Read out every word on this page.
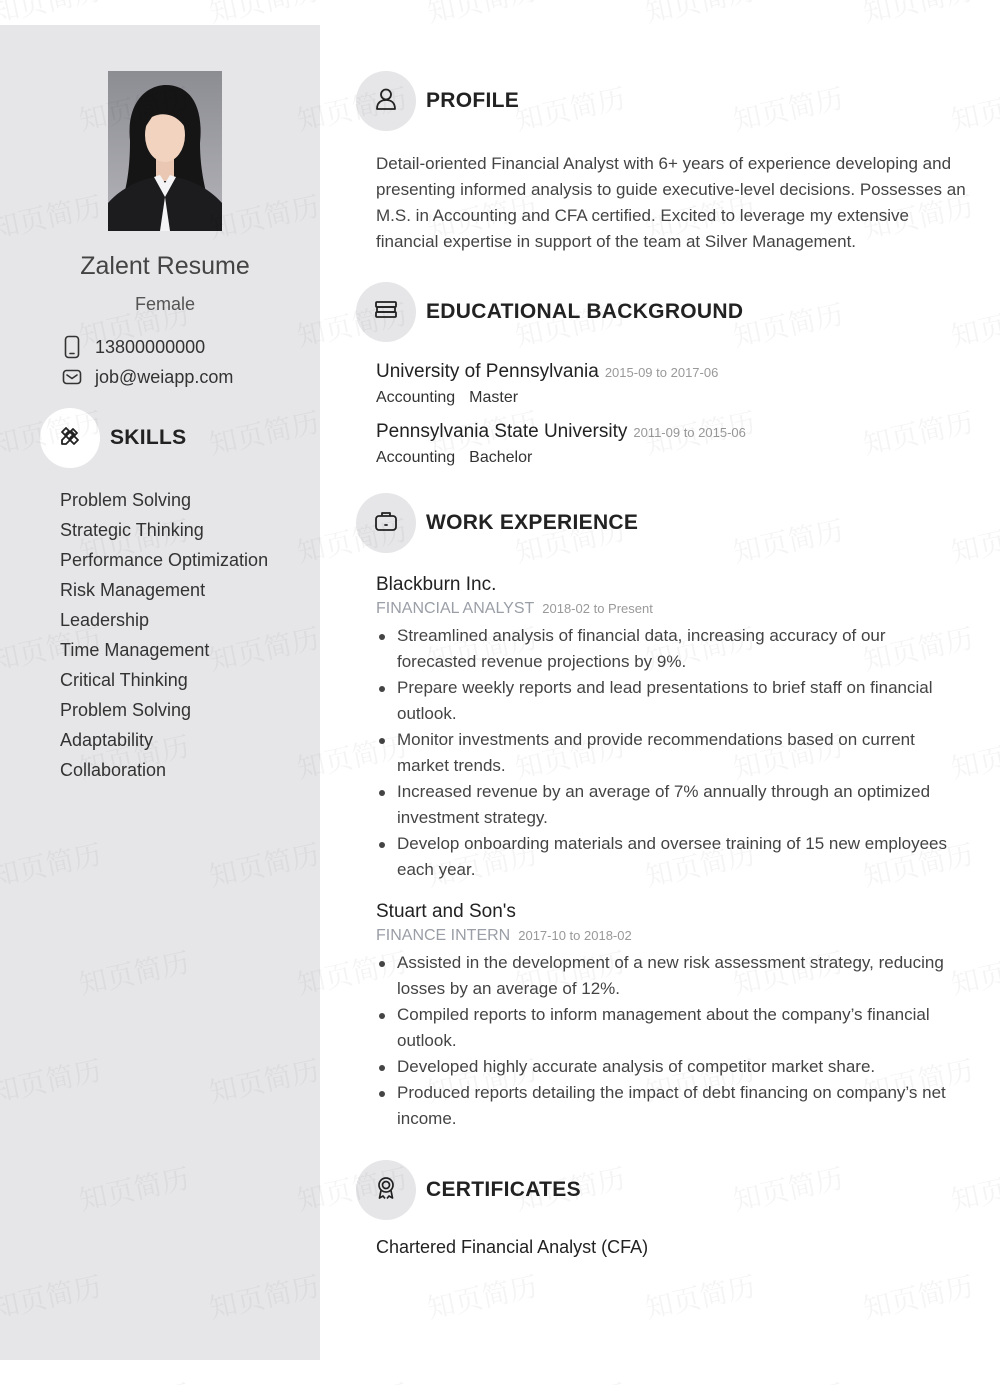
Zalent Resume
Female
13800000000
job@weiapp.com
SKILLS
Problem Solving
Strategic Thinking
Performance Optimization
Risk Management
Leadership
Time Management
Critical Thinking
Problem Solving
Adaptability
Collaboration
PROFILE
Detail-oriented Financial Analyst with 6+ years of experience developing and presenting informed analysis to guide executive-level decisions. Possesses an M.S. in Accounting and CFA certified. Excited to leverage my extensive financial expertise in support of the team at Silver Management.
EDUCATIONAL BACKGROUND
University of Pennsylvania 2015-09 to 2017-06
Accounting Master
Pennsylvania State University 2011-09 to 2015-06
Accounting Bachelor
WORK EXPERIENCE
Blackburn Inc.
FINANCIAL ANALYST 2018-02 to Present
Streamlined analysis of financial data, increasing accuracy of our forecasted revenue projections by 9%.
Prepare weekly reports and lead presentations to brief staff on financial outlook.
Monitor investments and provide recommendations based on current market trends.
Increased revenue by an average of 7% annually through an optimized investment strategy.
Develop onboarding materials and oversee training of 15 new employees each year.
Stuart and Son's
FINANCE INTERN 2017-10 to 2018-02
Assisted in the development of a new risk assessment strategy, reducing losses by an average of 12%.
Compiled reports to inform management about the company’s financial outlook.
Developed highly accurate analysis of competitor market share.
Produced reports detailing the impact of debt financing on company’s net income.
CERTIFICATES
Chartered Financial Analyst (CFA)
